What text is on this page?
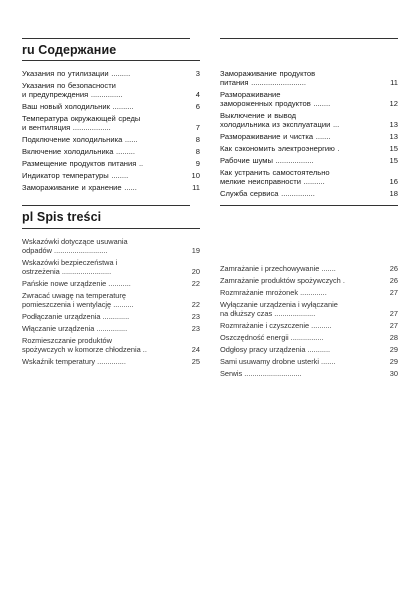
ru Содержание
Указания по утилизации .........	3
Указания по безопасности
и предупреждения ...............	4
Ваш новый холодильник ..........	6
Температура окружающей среды
и вентиляция ..................	7
Подключение холодильника ......	8
Включение холодильника .........	8
Размещение продуктов питания ..	9
Индикатор температуры ........	10
Замораживание и хранение ......	11
Замораживание продуктов
питания ..........................	11
Размораживание
замороженных продуктов ........	12
Выключение и вывод
холодильника из эксплуатации ...	13
Размораживание и чистка .......	13
Как сэкономить электроэнергию .	15
Рабочие шумы ..................	15
Как устранить самостоятельно
мелкие неисправности ..........	16
Служба сервиса ................	18
pl Spis treści
Wskazówki dotyczące usuwania
odpadów ..........................	19
Wskazówki bezpieczeństwa i
ostrzeżenia ........................	20
Pańskie nowe urządzenie ...........	22
Zwracać uwagę na temperaturę
pomieszczenia i wentylację ..........	22
Podłączanie urządzenia .............	23
Włączanie urządzenia ...............	23
Rozmieszczanie produktów
spożywczych w komorze chłodzenia ..	24
Wskaźnik temperatury ..............	25
Zamrażanie i przechowywanie .......	26
Zamrażanie produktów spożywczych .	26
Rozmrażanie mrożonek .............	27
Wyłączanie urządzenia i wyłączanie
na dłuższy czas ....................	27
Rozmrażanie i czyszczenie ..........	27
Oszczędność energii ................	28
Odgłosy pracy urządzenia ...........	29
Sami usuwamy drobne usterki .......	29
Serwis ............................	30
